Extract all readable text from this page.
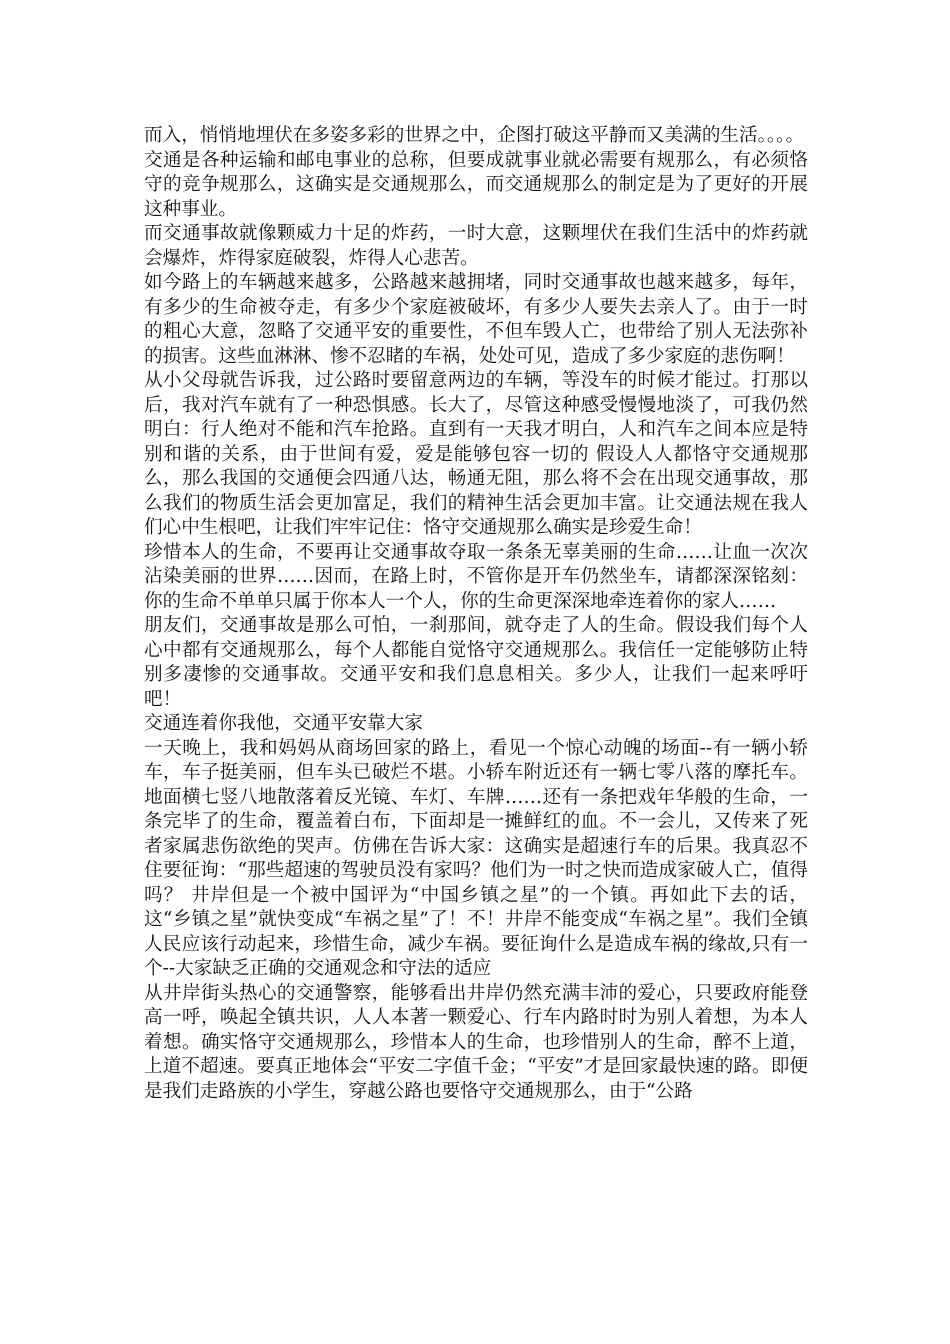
而入，悄悄地埋伏在多姿多彩的世界之中，企图打破这平静而又美满的生活。。。。

交通是各种运输和邮电事业的总称，但要成就事业就必需要有规那么，有必须恪守的竞争规那么，这确实是交通规那么，而交通规那么的制定是为了更好的开展这种事业。

而交通事故就像颗威力十足的炸药，一时大意，这颗埋伏在我们生活中的炸药就会爆炸，炸得家庭破裂，炸得人心悲苦。

如今路上的车辆越来越多，公路越来越拥堵，同时交通事故也越来越多，每年，有多少的生命被夺走，有多少个家庭被破坏，有多少人要失去亲人了。由于一时的粗心大意，忽略了交通平安的重要性，不但车毁人亡，也带给了别人无法弥补的损害。这些血淋淋、惨不忍睹的车祸，处处可见，造成了多少家庭的悲伤啊！

从小父母就告诉我，过公路时要留意两边的车辆，等没车的时候才能过。打那以后，我对汽车就有了一种恐惧感。长大了，尽管这种感受慢慢地淡了，可我仍然明白：行人绝对不能和汽车抢路。直到有一天我才明白，人和汽车之间本应是特别和谐的关系，由于世间有爱，爱是能够包容一切的 假设人人都恪守交通规那么，那么我国的交通便会四通八达，畅通无阻，那么将不会在出现交通事故，那么我们的物质生活会更加富足，我们的精神生活会更加丰富。让交通法规在我人们心中生根吧，让我们牢牢记住：恪守交通规那么确实是珍爱生命！

珍惜本人的生命，不要再让交通事故夺取一条条无辜美丽的生命……让血一次次沾染美丽的世界……因而，在路上时，不管你是开车仍然坐车，请都深深铭刻：你的生命不单单只属于你本人一个人，你的生命更深深地牵连着你的家人……

朋友们，交通事故是那么可怕，一刹那间，就夺走了人的生命。假设我们每个人心中都有交通规那么，每个人都能自觉恪守交通规那么。我信任一定能够防止特别多凄惨的交通事故。交通平安和我们息息相关。多少人，让我们一起来呼吁吧！

交通连着你我他，交通平安靠大家

一天晚上，我和妈妈从商场回家的路上，看见一个惊心动魄的场面--有一辆小轿车，车子挺美丽，但车头已破烂不堪。小轿车附近还有一辆七零八落的摩托车。地面横七竖八地散落着反光镜、车灯、车牌……还有一条把戏年华般的生命，一条完毕了的生命，覆盖着白布，下面却是一摊鲜红的血。不一会儿，又传来了死者家属悲伤欲绝的哭声。仿佛在告诉大家：这确实是超速行车的后果。我真忍不住要征询：“那些超速的驾驶员没有家吗？他们为一时之快而造成家破人亡，值得吗？ 井岸但是一个被中国评为“中国乡镇之星”的一个镇。再如此下去的话，这“乡镇之星”就快变成“车祸之星”了！不！井岸不能变成“车祸之星”。我们全镇人民应该行动起来，珍惜生命，减少车祸。要征询什么是造成车祸的缘故,只有一个--大家缺乏正确的交通观念和守法的适应

从井岸街头热心的交通警察，能够看出井岸仍然充满丰沛的爱心，只要政府能登高一呼，唤起全镇共识，人人本著一颗爱心、行车内路时时为别人着想，为本人着想。确实恪守交通规那么，珍惜本人的生命，也珍惜别人的生命，醉不上道，上道不超速。要真正地体会“平安二字值千金；“平安”才是回家最快速的路。即便是我们走路族的小学生，穿越公路也要恪守交通规那么，由于“公路
